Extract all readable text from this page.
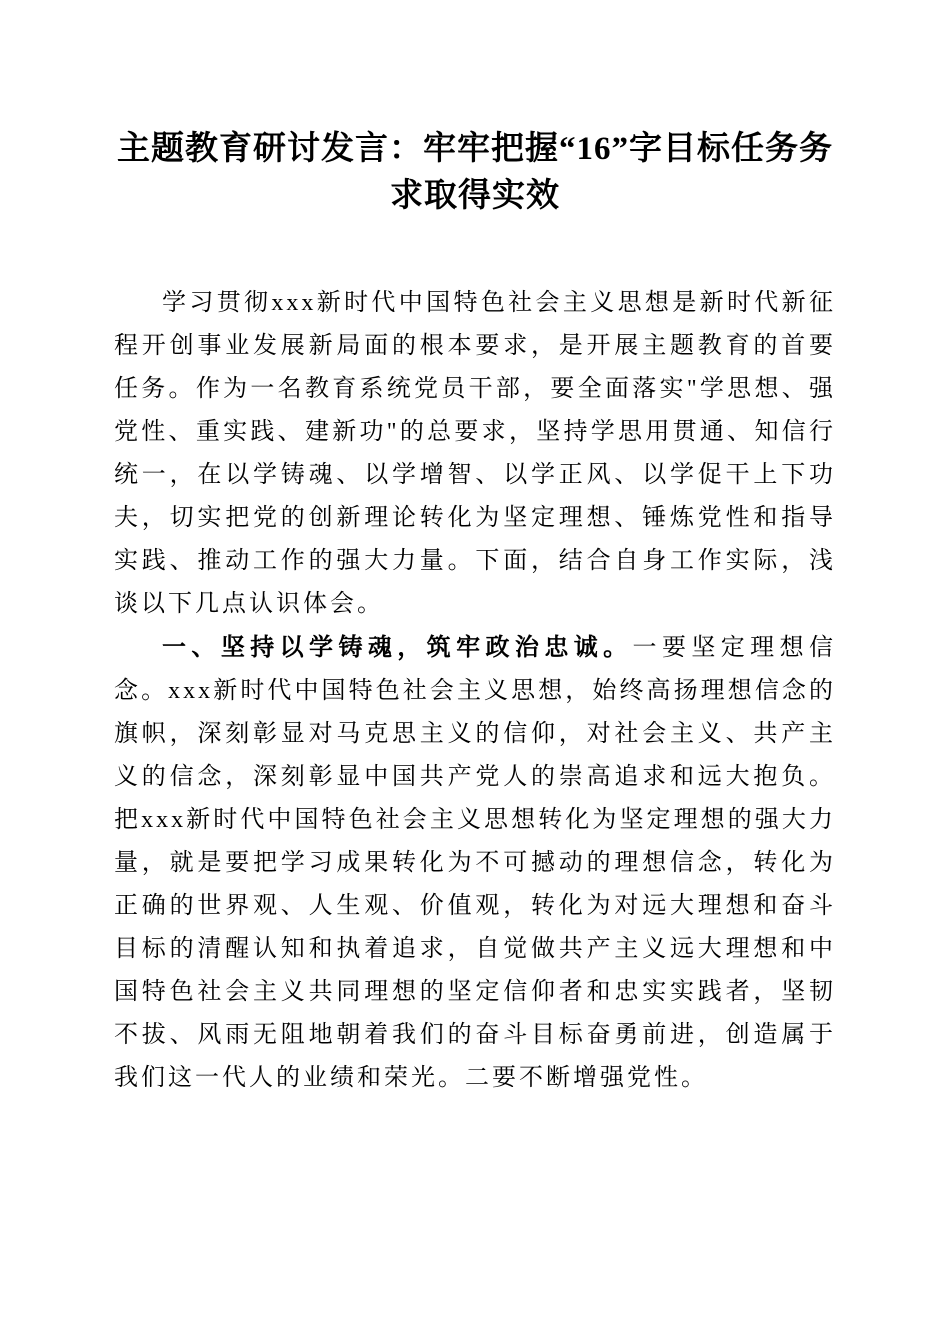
主题教育研讨发言：牢牢把握“16”字目标任务务求取得实效

学习贯彻xxx新时代中国特色社会主义思想是新时代新征程开创事业发展新局面的根本要求，是开展主题教育的首要任务。作为一名教育系统党员干部，要全面落实"学思想、强党性、重实践、建新功"的总要求，坚持学思用贯通、知信行统一，在以学铸魂、以学增智、以学正风、以学促干上下功夫，切实把党的创新理论转化为坚定理想、锤炼党性和指导实践、推动工作的强大力量。下面，结合自身工作实际，浅谈以下几点认识体会。

一、坚持以学铸魂，筑牢政治忠诚。一要坚定理想信念。xxx新时代中国特色社会主义思想，始终高扬理想信念的旗帜，深刻彰显对马克思主义的信仰，对社会主义、共产主义的信念，深刻彰显中国共产党人的崇高追求和远大抱负。把xxx新时代中国特色社会主义思想转化为坚定理想的强大力量，就是要把学习成果转化为不可撼动的理想信念，转化为正确的世界观、人生观、价值观，转化为对远大理想和奋斗目标的清醒认知和执着追求，自觉做共产主义远大理想和中国特色社会主义共同理想的坚定信仰者和忠实实践者，坚韧不拔、风雨无阻地朝着我们的奋斗目标奋勇前进，创造属于我们这一代人的业绩和荣光。二要不断增强党性。
